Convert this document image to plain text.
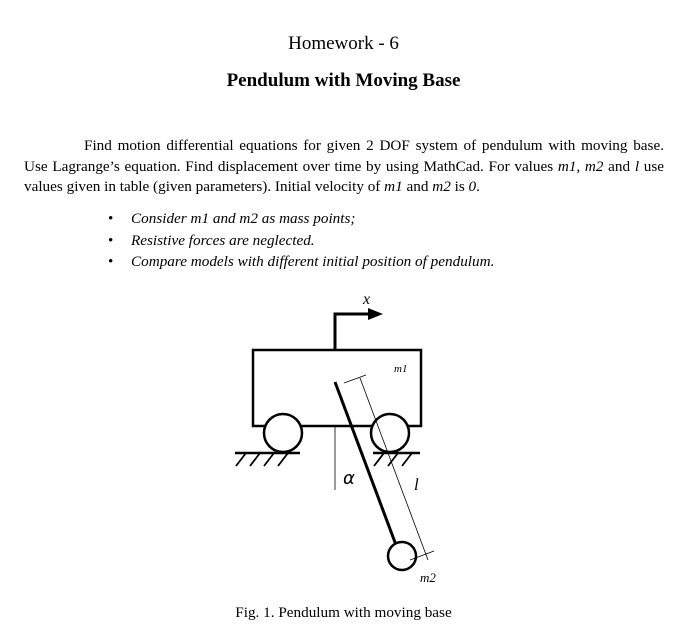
Homework - 6
Pendulum with Moving Base

Find motion differential equations for given 2 DOF system of pendulum with moving base. Use Lagrange’s equation. Find displacement over time by using MathCad. For values m1, m2 and l use values given in table (given parameters). Initial velocity of m1 and m2 is 0.

• Consider m1 and m2 as mass points;
• Resistive forces are neglected.
• Compare models with different initial position of pendulum.
x
m1
l
α
m2
Fig. 1. Pendulum with moving base
